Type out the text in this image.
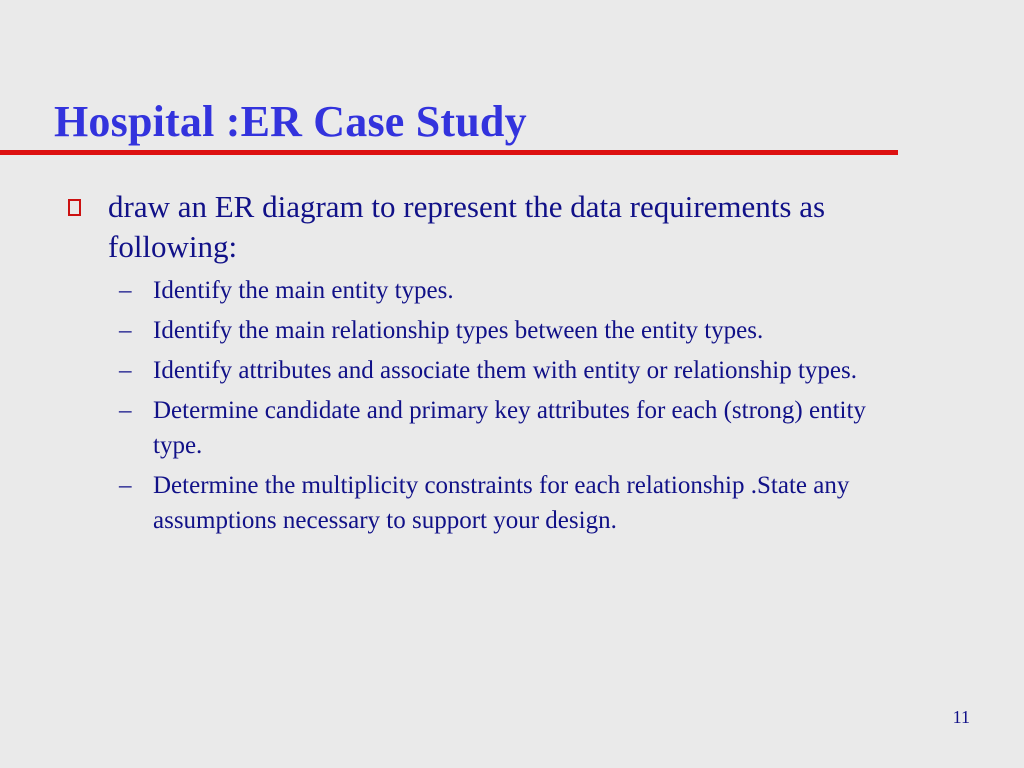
Hospital :ER Case Study
draw an ER diagram to represent the data requirements as following:
– Identify the main entity types.
– Identify the main relationship types between the entity types.
– Identify attributes and associate them with entity or relationship types.
– Determine candidate and primary key attributes for each (strong) entity type.
– Determine the multiplicity constraints for each relationship .State any assumptions necessary to support your design.
11
